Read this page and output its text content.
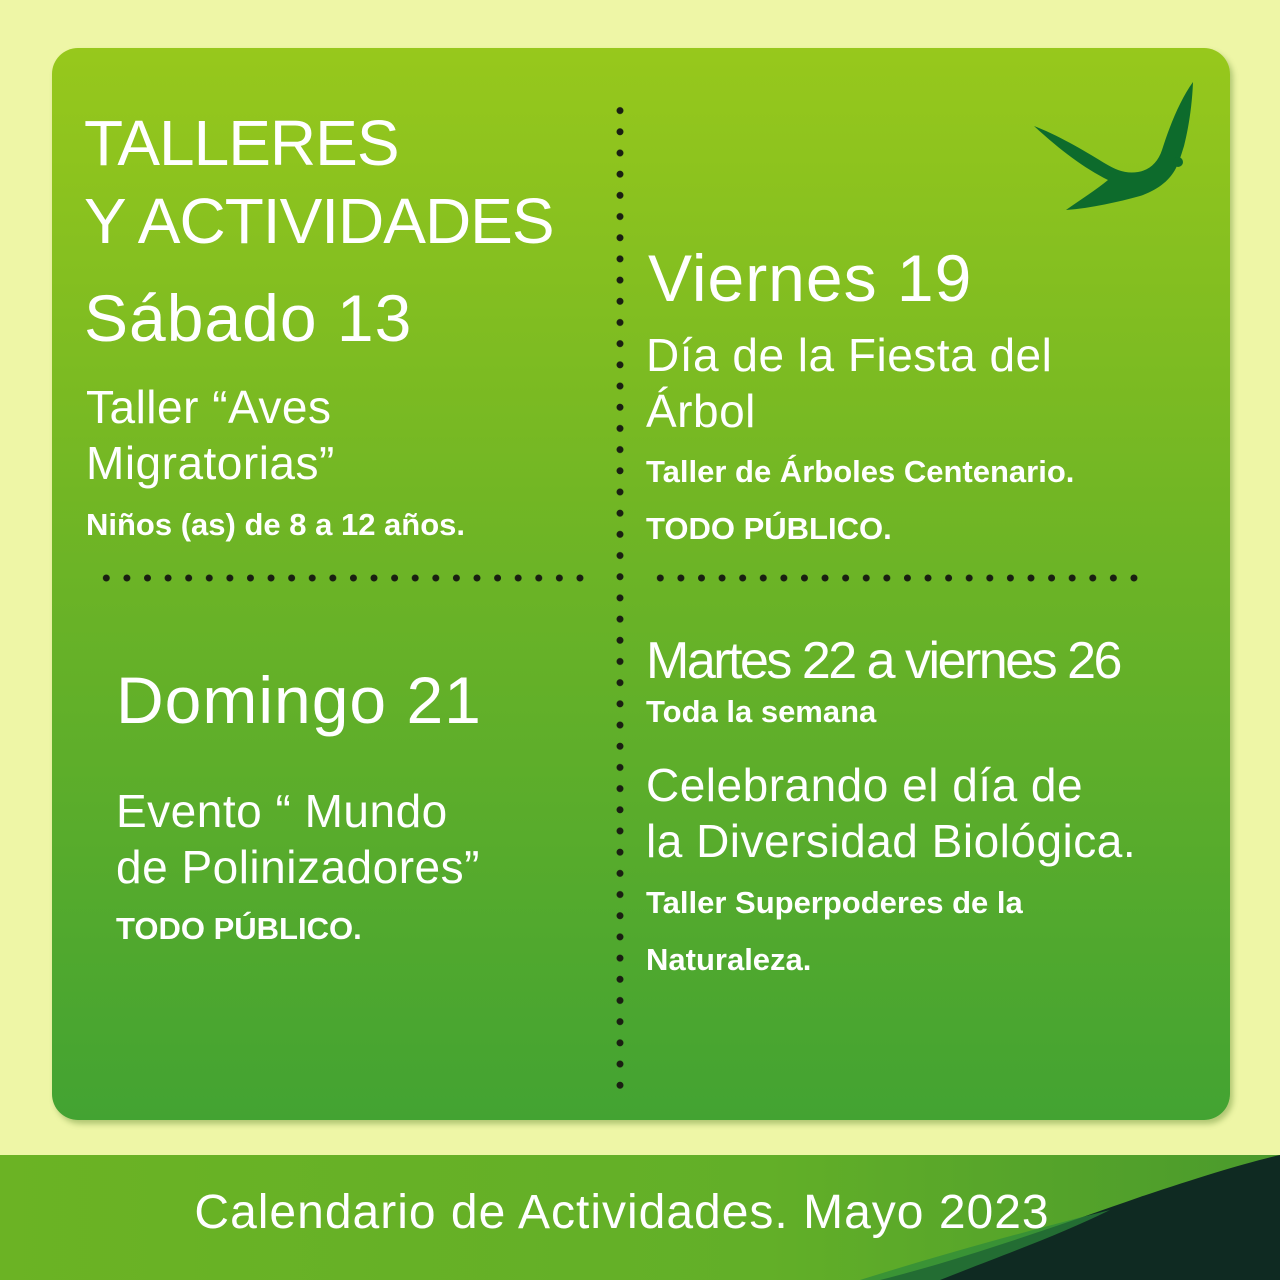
TALLERES
Y ACTIVIDADES
Sábado 13
Taller “Aves
Migratorias”
Niños (as) de 8 a 12 años.
Viernes 19
Día de la Fiesta del
Árbol
Taller de Árboles Centenario.
TODO PÚBLICO.
Domingo 21
Evento “ Mundo
de Polinizadores”
TODO PÚBLICO.
Martes 22 a viernes 26
Toda la semana
Celebrando el día de
la Diversidad Biológica.
Taller Superpoderes de la
Naturaleza.
Calendario de Actividades. Mayo 2023
